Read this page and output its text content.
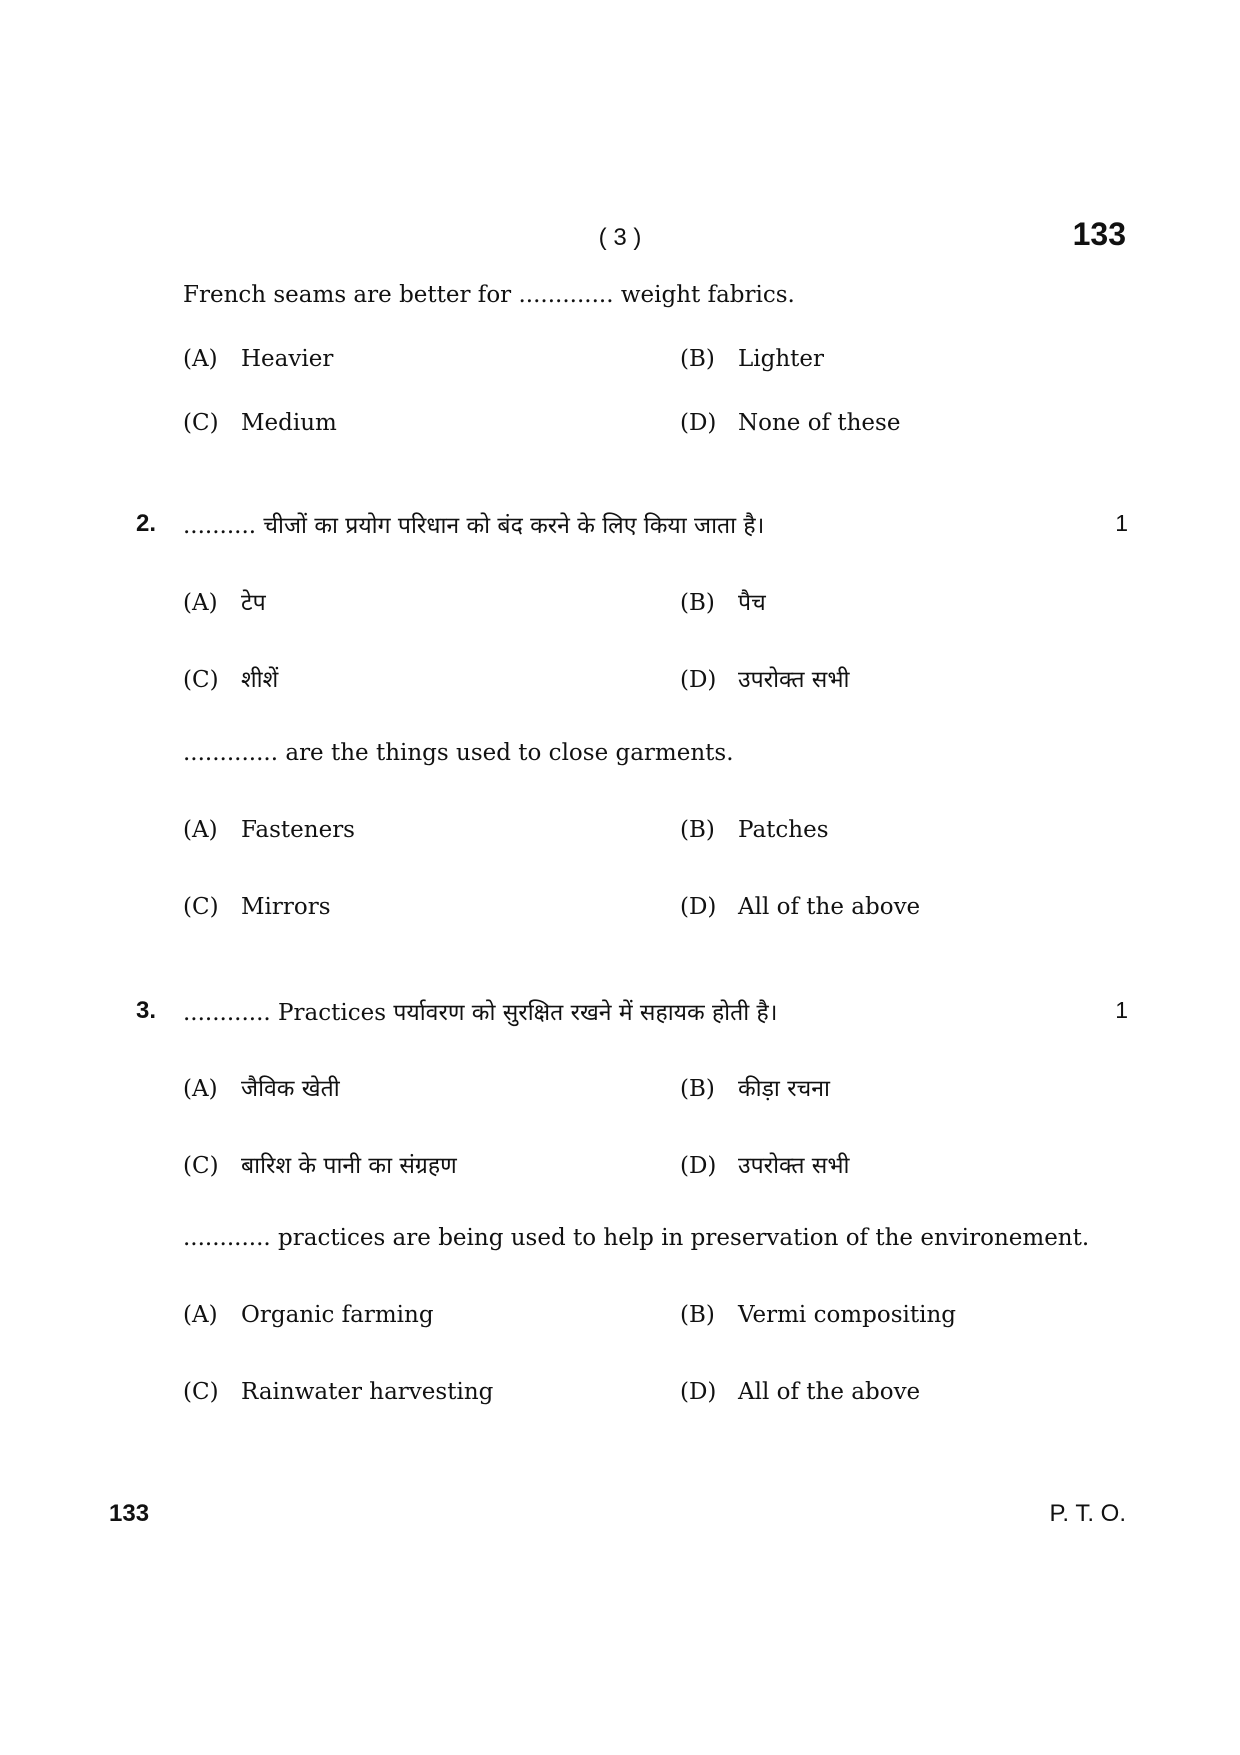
( 3 )	133
French seams are better for ............. weight fabrics.
(A) Heavier	(B) Lighter
(C) Medium	(D) None of these
2. .......... चीजों का प्रयोग परिधान को बंद करने के लिए किया जाता है।	1
(A) टेप	(B) पैच
(C) शीशें	(D) उपरोक्त सभी
............. are the things used to close garments.
(A) Fasteners	(B) Patches
(C) Mirrors	(D) All of the above
3. ............ Practices पर्यावरण को सुरक्षित रखने में सहायक होती है।	1
(A) जैविक खेती	(B) कीड़ा रचना
(C) बारिश के पानी का संग्रहण	(D) उपरोक्त सभी
............ practices are being used to help in preservation of the environement.
(A) Organic farming	(B) Vermi compositing
(C) Rainwater harvesting	(D) All of the above
133	P. T. O.
